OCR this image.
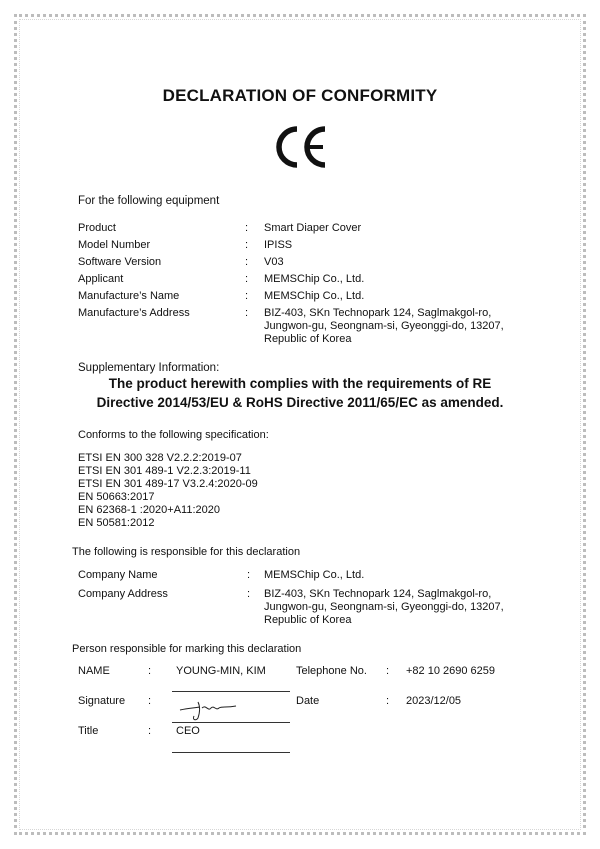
DECLARATION OF CONFORMITY
For the following equipment
Product	: Smart Diaper Cover
Model Number	: IPISS
Software Version	: V03
Applicant	: MEMSChip Co., Ltd.
Manufacture’s Name	: MEMSChip Co., Ltd.
Manufacture’s Address	: BIZ-403, SKn Technopark 124, Saglmakgol-ro,
Jungwon-gu, Seongnam-si, Gyeonggi-do, 13207,
Republic of Korea
Supplementary Information:
The product herewith complies with the requirements of RE
Directive 2014/53/EU & RoHS Directive 2011/65/EC as amended.
Conforms to the following specification:
ETSI EN 300 328 V2.2.2:2019-07
ETSI EN 301 489-1 V2.2.3:2019-11
ETSI EN 301 489-17 V3.2.4:2020-09
EN 50663:2017
EN 62368-1 :2020+A11:2020
EN 50581:2012
The following is responsible for this declaration
Company Name	: MEMSChip Co., Ltd.
Company Address	: BIZ-403, SKn Technopark 124, Saglmakgol-ro,
Jungwon-gu, Seongnam-si, Gyeonggi-do, 13207,
Republic of Korea
Person responsible for marking this declaration
NAME	: YOUNG-MIN, KIM	Telephone No. : +82 10 2690 6259
Signature :	Date	: 2023/12/05
Title	: CEO
